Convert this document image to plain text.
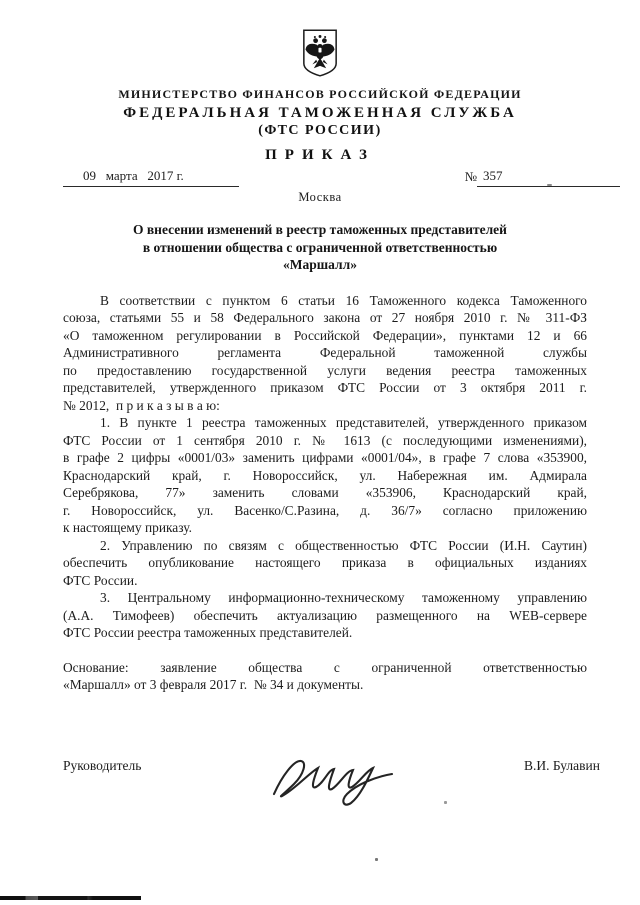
МИНИСТЕРСТВО ФИНАНСОВ РОССИЙСКОЙ ФЕДЕРАЦИИ
ФЕДЕРАЛЬНАЯ ТАМОЖЕННАЯ СЛУЖБА
(ФТС РОССИИ)
ПРИКАЗ
09   марта   2017 г.	№ 357
Москва
О внесении изменений в реестр таможенных представителей
в отношении общества с ограниченной ответственностью
«Маршалл»
В соответствии с пунктом 6 статьи 16 Таможенного кодекса Таможенного
союза, статьями 55 и 58 Федерального закона от 27 ноября 2010 г. № 311-ФЗ
«О таможенном регулировании в Российской Федерации», пунктами 12 и 66
Административного регламента Федеральной таможенной службы
по предоставлению государственной услуги ведения реестра таможенных
представителей, утвержденного приказом ФТС России от 3 октября 2011 г.
№ 2012,  п р и к а з ы в а ю:
1. В пункте 1 реестра таможенных представителей, утвержденного приказом
ФТС России от 1 сентября 2010 г. № 1613 (с последующими изменениями),
в графе 2 цифры «0001/03» заменить цифрами «0001/04», в графе 7 слова «353900,
Краснодарский край, г. Новороссийск, ул. Набережная им. Адмирала
Серебрякова, 77» заменить словами «353906, Краснодарский край,
г. Новороссийск, ул. Васенко/С.Разина, д. 36/7» согласно приложению
к настоящему приказу.
2. Управлению по связям с общественностью ФТС России (И.Н. Саутин)
обеспечить опубликование настоящего приказа в официальных изданиях
ФТС России.
3. Центральному информационно-техническому таможенному управлению
(А.А. Тимофеев) обеспечить актуализацию размещенного на WEB-сервере
ФТС России реестра таможенных представителей.
Основание: заявление общества с ограниченной ответственностью
«Маршалл» от 3 февраля 2017 г.  № 34 и документы.
Руководитель	В.И. Булавин
